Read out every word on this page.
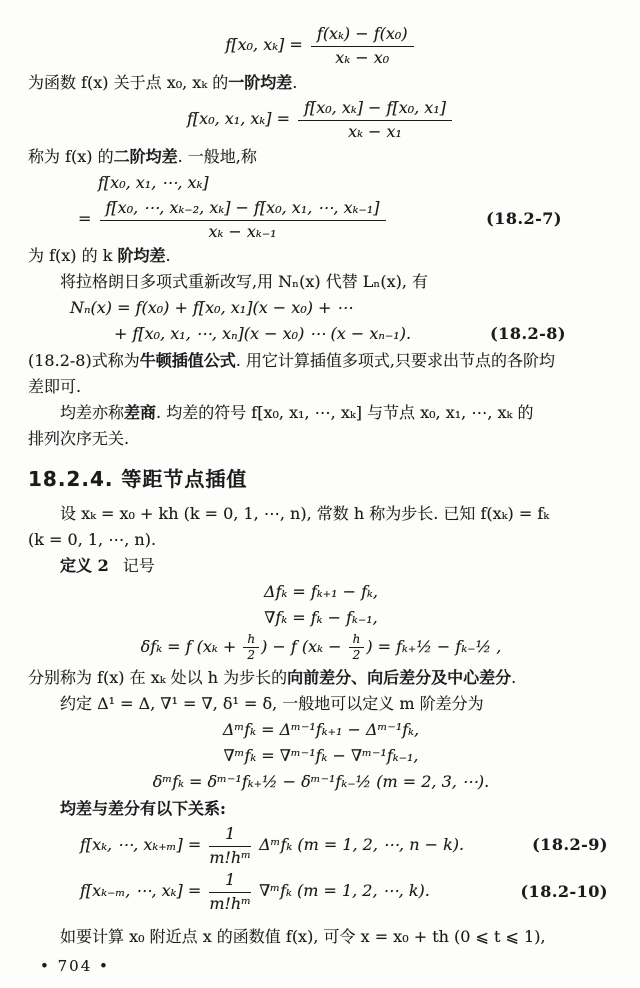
f[x₀, $x_k] = \frac{\text{f(xₖ) − f(x₀)}}{\text{xₖ − x₀}}$

为函数 f(x) 关于点 x₀, xₖ 的一阶均差.

f[x₀, x₁, $x_k] = \frac{\text{f[x₀, xₖ] − f[x₀, x₁]}}{\text{xₖ − x₁}}$

称为 f(x) 的二阶均差. 一般地,称

f[x₀, x₁, ⋯, xₖ]
= $\frac{\text{f[x₀, ⋯, xₖ₋₂, xₖ] − f[x₀, x₁, ⋯, xₖ₋₁]}}{\text{xₖ − xₖ₋₁}}$	(18.2-7)

为 f(x) 的 k 阶均差.

将拉格朗日多项式重新改写,用 Nₙ(x) 代替 Lₙ(x), 有

Nₙ(x) = f(x₀) + f[x₀, x₁](x − x₀) + ⋯
+ f[x₀, x₁, ⋯, xₙ](x − x₀) ⋯ (x − xₙ₋₁).	(18.2-8)

(18.2-8)式称为牛顿插值公式. 用它计算插值多项式,只要求出节点的各阶均

差即可.

均差亦称差商. 均差的符号 f[x₀, x₁, ⋯, xₖ] 与节点 x₀, x₁, ⋯, xₖ 的

排列次序无关.

18.2.4. 等距节点插值

设 xₖ = x₀ + kh (k = 0, 1, ⋯, n), 常数 h 称为步长. 已知 f(xₖ) = fₖ

(k = 0, 1, ⋯, n).

定义 2 记号

Δfₖ = fₖ₊₁ − fₖ,
∇fₖ = fₖ − fₖ₋₁,
δfₖ = f ($x_k + \frac{h}{2}$ ) − f ($x_k - \frac{h}{2}$ ) = fₖ₊½ − fₖ₋½ ,

分别称为 f(x) 在 xₖ 处以 h 为步长的向前差分、向后差分及中心差分.

约定 Δ¹ = Δ, ∇¹ = ∇, δ¹ = δ, 一般地可以定义 m 阶差分为

Δᵐfₖ = Δᵐ⁻¹fₖ₊₁ − Δᵐ⁻¹fₖ,
∇ᵐfₖ = ∇ᵐ⁻¹fₖ − ∇ᵐ⁻¹fₖ₋₁,
δᵐfₖ = δᵐ⁻¹fₖ₊½ − δᵐ⁻¹fₖ₋½ (m = 2, 3, ⋯).

均差与差分有以下关系:

f[xₖ, ⋯, $x_{k+m}] = \frac{1}{\text{m!hᵐ}}$ Δᵐfₖ (m = 1, 2, ⋯, n − k).	(18.2-9)
f[xₖ₋ₘ, ⋯, $x_k] = \frac{1}{\text{m!hᵐ}}$ ∇ᵐfₖ (m = 1, 2, ⋯, k).	(18.2-10)

如要计算 x₀ 附近点 x 的函数值 f(x), 可令 x = x₀ + th (0 ⩽ t ⩽ 1),

• 704 •
